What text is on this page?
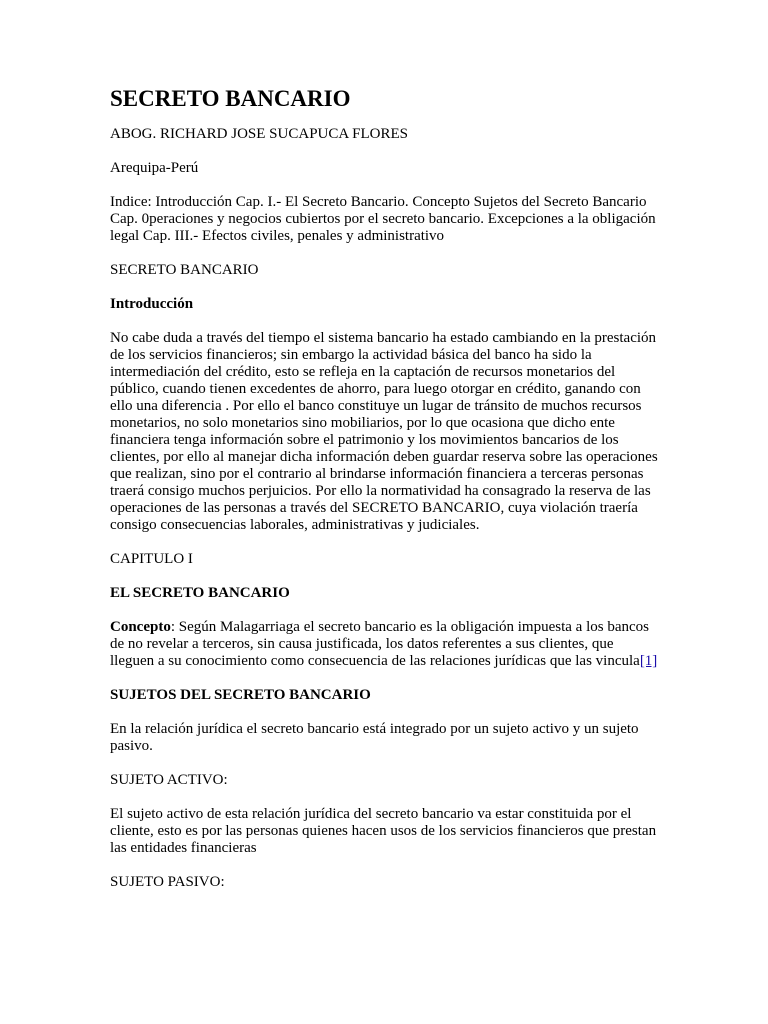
SECRETO BANCARIO

ABOG. RICHARD JOSE SUCAPUCA FLORES

Arequipa-Perú

Indice: Introducción Cap. I.- El Secreto Bancario. Concepto Sujetos del Secreto Bancario Cap. 0peraciones y negocios cubiertos por el secreto bancario. Excepciones a la obligación legal Cap. III.- Efectos civiles, penales y administrativo

SECRETO BANCARIO

Introducción

No cabe duda a través del tiempo el sistema bancario ha estado cambiando en la prestación de los servicios financieros; sin embargo la actividad básica del banco ha sido la intermediación del crédito, esto se refleja en la captación de recursos monetarios del público, cuando tienen excedentes de ahorro, para luego otorgar en crédito, ganando con ello una diferencia . Por ello el banco constituye un lugar de tránsito de muchos recursos monetarios, no solo monetarios sino mobiliarios, por lo que ocasiona que dicho ente financiera tenga información sobre el patrimonio y los movimientos bancarios de los clientes, por ello al manejar dicha información deben guardar reserva sobre las operaciones que realizan, sino por el contrario al brindarse información financiera a terceras personas traerá consigo muchos perjuicios. Por ello la normatividad ha consagrado la reserva de las operaciones de las personas a través del SECRETO BANCARIO, cuya violación traería consigo consecuencias laborales, administrativas y judiciales.

CAPITULO I

EL SECRETO BANCARIO

Concepto: Según Malagarriaga el secreto bancario es la obligación impuesta a los bancos de no revelar a terceros, sin causa justificada, los datos referentes a sus clientes, que lleguen a su conocimiento como consecuencia de las relaciones jurídicas que las vincula[1]

SUJETOS DEL SECRETO BANCARIO

En la relación jurídica el secreto bancario está integrado por un sujeto activo y un sujeto pasivo.

SUJETO ACTIVO:

El sujeto activo de esta relación jurídica del secreto bancario va estar constituida por el cliente, esto es por las personas quienes hacen usos de los servicios financieros que prestan las entidades financieras

SUJETO PASIVO:
